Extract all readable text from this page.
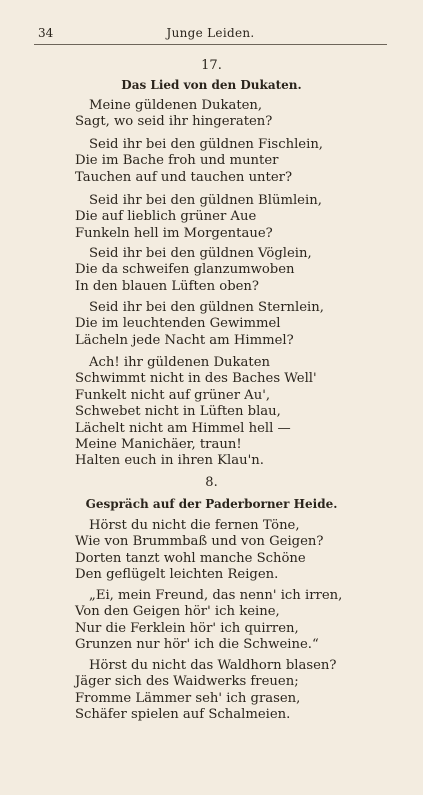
34	Junge Leiden.
17.
Das Lied von den Dukaten.
Meine güldenen Dukaten,
Sagt, wo seid ihr hingeraten?
Seid ihr bei den güldnen Fischlein,
Die im Bache froh und munter
Tauchen auf und tauchen unter?
Seid ihr bei den güldnen Blümlein,
Die auf lieblich grüner Aue
Funkeln hell im Morgentaue?
Seid ihr bei den güldnen Vöglein,
Die da schweifen glanzumwoben
In den blauen Lüften oben?
Seid ihr bei den güldnen Sternlein,
Die im leuchtenden Gewimmel
Lächeln jede Nacht am Himmel?
Ach! ihr güldenen Dukaten
Schwimmt nicht in des Baches Well'
Funkelt nicht auf grüner Au',
Schwebet nicht in Lüften blau,
Lächelt nicht am Himmel hell —
Meine Manichäer, traun!
Halten euch in ihren Klau'n.
8.
Gespräch auf der Paderborner Heide.
Hörst du nicht die fernen Töne,
Wie von Brummbaß und von Geigen?
Dorten tanzt wohl manche Schöne
Den geflügelt leichten Reigen.
„Ei, mein Freund, das nenn' ich irren,
Von den Geigen hör' ich keine,
Nur die Ferklein hör' ich quirren,
Grunzen nur hör' ich die Schweine.“
Hörst du nicht das Waldhorn blasen?
Jäger sich des Waidwerks freuen;
Fromme Lämmer seh' ich grasen,
Schäfer spielen auf Schalmeien.
